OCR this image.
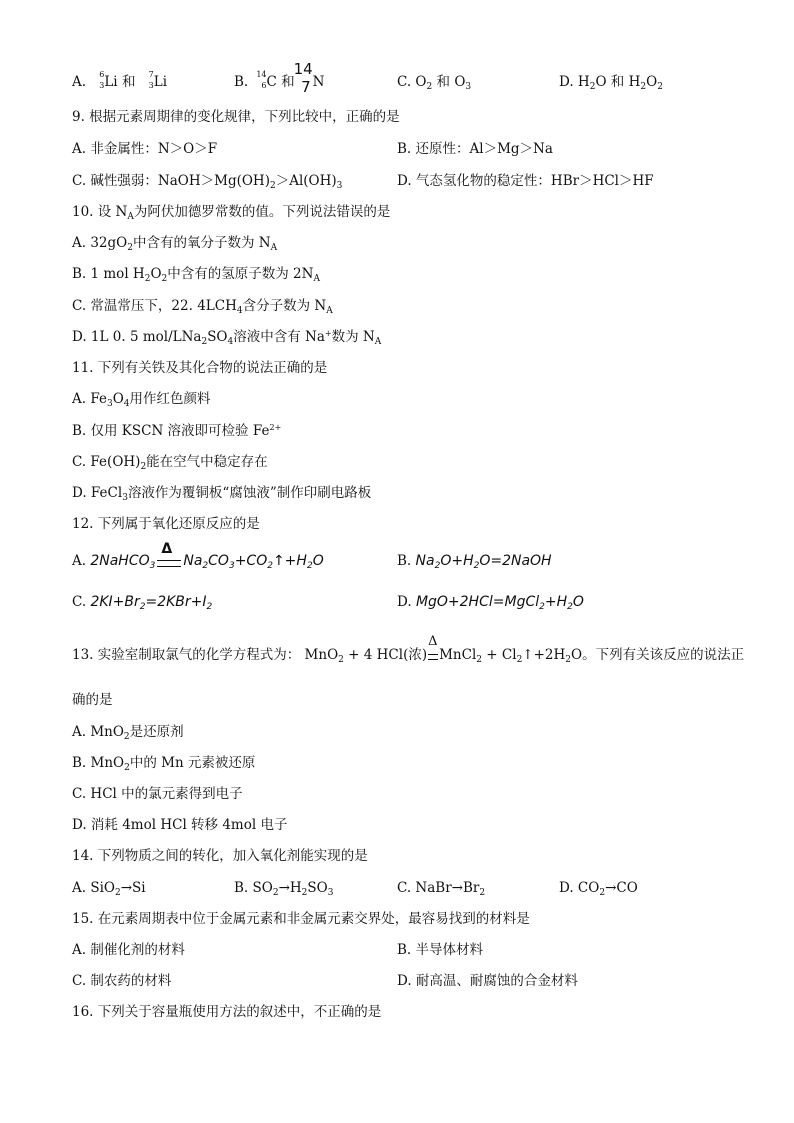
A. 6
3 Li 和 7
3 Li	B. 14
6 C 和
14
7 N	C. $O_2$ 和 $O_3$	D. $H_2O$ 和 $H_2O_2$
9. 根据元素周期律的变化规律，下列比较中，正确的是
A. 非金属性：N＞O＞F	B. 还原性：Al＞Mg＞Na
C. 碱性强弱：$NaOH>Mg(OH)_2>Al(OH)_3$	D. 气态氢化物的稳定性：HBr＞HCl＞HF
10. 设 $N_A$为阿伏加德罗常数的值。下列说法错误的是
A. $32gO_2$中含有的氧分子数为 $N_A$
B. 1 mol $H_2O_2$中含有的氢原子数为 $2N_A$
C. 常温常压下，22. $4LCH_4$含分子数为 $N_A$
D. 1L 0. 5 mol/$LNa_2SO_4$溶液中含有 Na+数为 $N_A$
11. 下列有关铁及其化合物的说法正确的是
A. $Fe_3O_4$用作红色颜料
B. 仅用 KSCN 溶液即可检验 $Fe^{2+}$
C. $Fe(OH)_2$能在空气中稳定存在
D. FeCl$_3$溶液作为覆铜板“腐蚀液”制作印刷电路板
12. 下列属于氧化还原反应的是
A. 2NaHCO$_3$
Δ
$Na_2CO_3+CO_2↑+H_2O$	B. $Na_2O+H_2O=2NaOH$
C. $2KI+Br_2=2KBr+I_2$	D. $MgO+2HCl=MgCl_2+H_2O$
13. 实验室制取氯气的化学方程式为： MnO$_2$ + 4 HCl(浓)
Δ
MnCl$_2$ + $Cl_2↑+2H_2O$。下列有关该反应的说法正
确的是
A. MnO$_2$是还原剂
B. MnO$_2$中的 Mn 元素被还原
C. HCl 中的氯元素得到电子
D. 消耗 4mol HCl 转移 4mol 电子
14. 下列物质之间的转化，加入氧化剂能实现的是
A. SiO$_2$→Si	B. $SO_2\to H_2SO_3$	C. $NaBr\to Br_2$	D. $CO_2\to CO$
15. 在元素周期表中位于金属元素和非金属元素交界处，最容易找到的材料是
A. 制催化剂的材料	B. 半导体材料
C. 制农药的材料	D. 耐高温、耐腐蚀的合金材料
16. 下列关于容量瓶使用方法的叙述中，不正确的是
